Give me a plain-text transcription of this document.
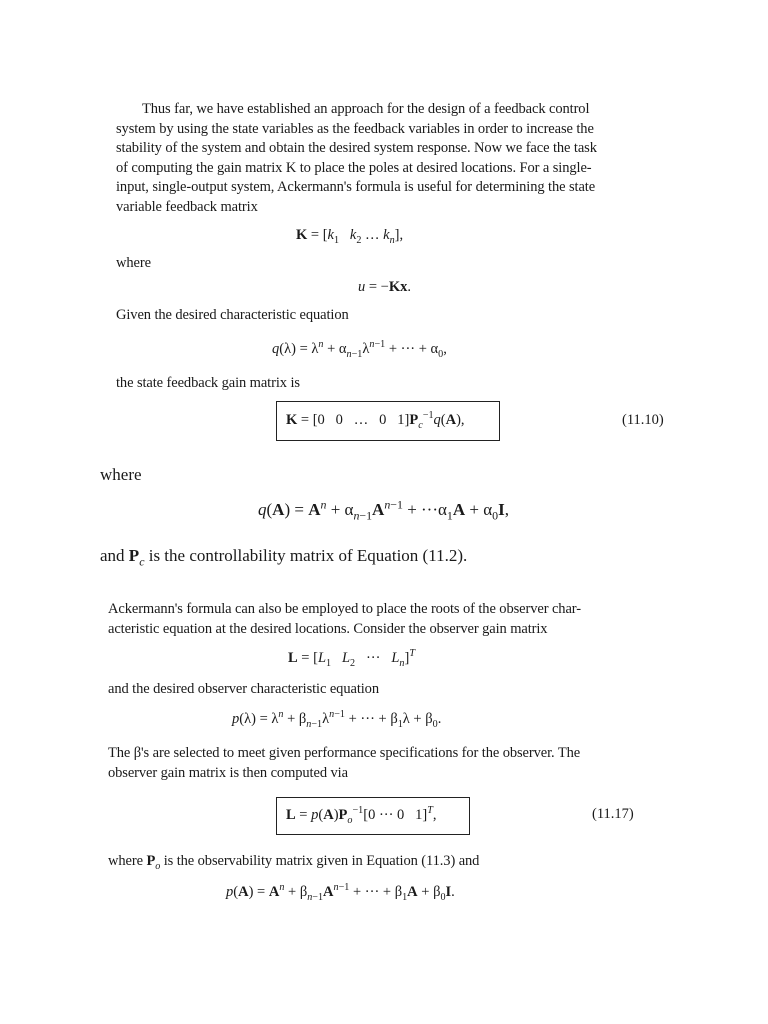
Thus far, we have established an approach for the design of a feedback control
system by using the state variables as the feedback variables in order to increase the
stability of the system and obtain the desired system response. Now we face the task
of computing the gain matrix K to place the poles at desired locations. For a single-
input, single-output system, Ackermann's formula is useful for determining the state
variable feedback matrix
$K = [k_1$ $k_2$ … $k_n$],
where
u = −Kx.
Given the desired characteristic equation
$q(\lambda) = \lambda^n + \alpha_{n-1}\lambda^{n-1}$ + ··· + $\alpha_0$,
the state feedback gain matrix is
K = [0   0   …   0   $1]P_c^{-1}q(A)$,	(11.10)
where
$q(A) = A^n + \alpha_{n-1}A^{n-1} + \cdot\cdot\cdot\alpha_1A + \alpha_0I$,
and $P_c$ is the controllability matrix of Equation (11.2).
Ackermann's formula can also be employed to place the roots of the observer char-
acteristic equation at the desired locations. Consider the observer gain matrix
$L = [L_1$ $L_2$   ···   $L_n]^T$
and the desired observer characteristic equation
$p(\lambda) = \lambda^n + \beta_{n-1}\lambda^{n-1}$ + ··· + $\beta_1\lambda + \beta_0$.
The β's are selected to meet given performance specifications for the observer. The
observer gain matrix is then computed via
$L = p(A)P_o^{-1}[0$ ··· 0   1]$^T$,	(11.17)
where $P_o$ is the observability matrix given in Equation (11.3) and
$p(A) = A^n + \beta_{n-1}A^{n-1}$ + ··· + $\beta_1A + \beta_0I$.
